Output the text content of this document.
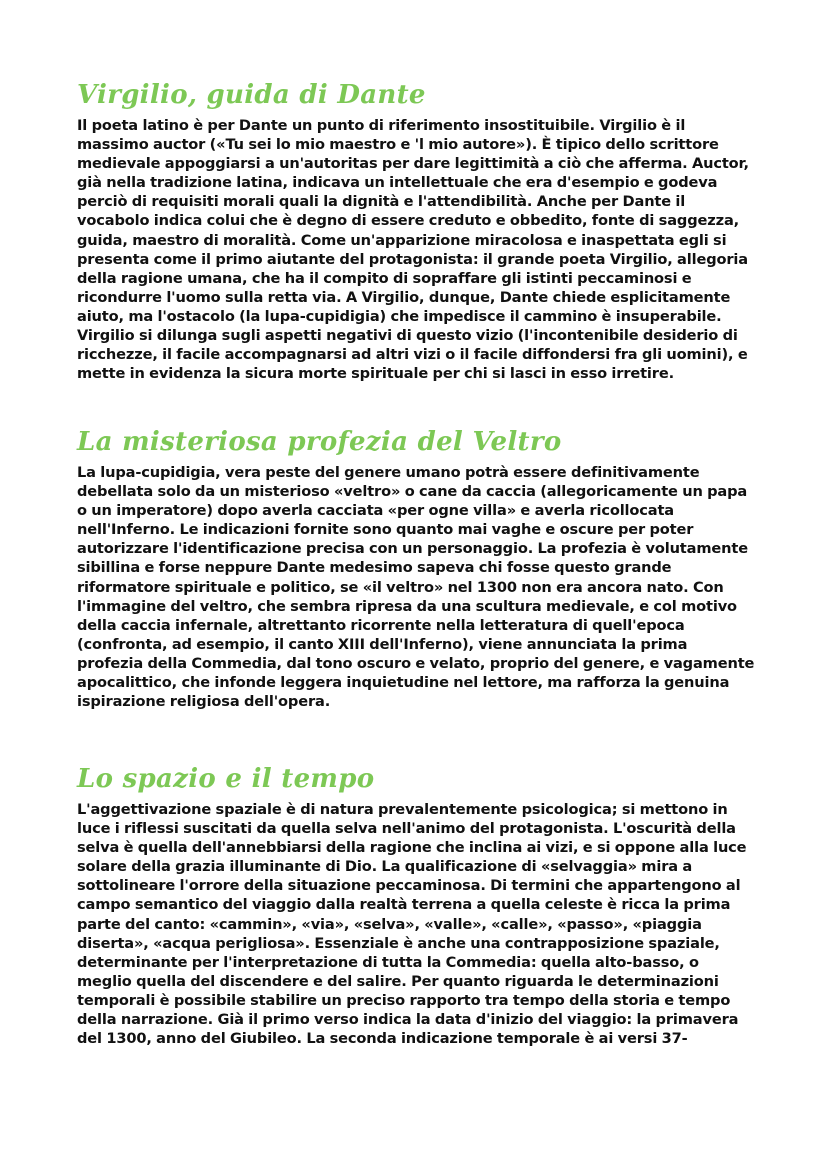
Virgilio, guida di Dante

Il poeta latino è per Dante un punto di riferimento insostituibile. Virgilio è il massimo auctor («Tu sei lo mio maestro e 'l mio autore»). È tipico dello scrittore medievale appoggiarsi a un'autoritas per dare legittimità a ciò che afferma. Auctor, già nella tradizione latina, indicava un intellettuale che era d'esempio e godeva perciò di requisiti morali quali la dignità e l'attendibilità. Anche per Dante il vocabolo indica colui che è degno di essere creduto e obbedito, fonte di saggezza, guida, maestro di moralità. Come un'apparizione miracolosa e inaspettata egli si presenta come il primo aiutante del protagonista: il grande poeta Virgilio, allegoria della ragione umana, che ha il compito di sopraffare gli istinti peccaminosi e ricondurre l'uomo sulla retta via. A Virgilio, dunque, Dante chiede esplicitamente aiuto, ma l'ostacolo (la lupa-cupidigia) che impedisce il cammino è insuperabile. Virgilio si dilunga sugli aspetti negativi di questo vizio (l'incontenibile desiderio di ricchezze, il facile accompagnarsi ad altri vizi o il facile diffondersi fra gli uomini), e mette in evidenza la sicura morte spirituale per chi si lasci in esso irretire.

La misteriosa profezia del Veltro

La lupa-cupidigia, vera peste del genere umano potrà essere definitivamente debellata solo da un misterioso «veltro» o cane da caccia (allegoricamente un papa o un imperatore) dopo averla cacciata «per ogne villa» e averla ricollocata nell'Inferno. Le indicazioni fornite sono quanto mai vaghe e oscure per poter autorizzare l'identificazione precisa con un personaggio. La profezia è volutamente sibillina e forse neppure Dante medesimo sapeva chi fosse questo grande riformatore spirituale e politico, se «il veltro» nel 1300 non era ancora nato. Con l'immagine del veltro, che sembra ripresa da una scultura medievale, e col motivo della caccia infernale, altrettanto ricorrente nella letteratura di quell'epoca (confronta, ad esempio, il canto XIII dell'Inferno), viene annunciata la prima profezia della Commedia, dal tono oscuro e velato, proprio del genere, e vagamente apocalittico, che infonde leggera inquietudine nel lettore, ma rafforza la genuina ispirazione religiosa dell'opera.

Lo spazio e il tempo

L'aggettivazione spaziale è di natura prevalentemente psicologica; si mettono in luce i riflessi suscitati da quella selva nell'animo del protagonista. L'oscurità della selva è quella dell'annebbiarsi della ragione che inclina ai vizi, e si oppone alla luce solare della grazia illuminante di Dio. La qualificazione di «selvaggia» mira a sottolineare l'orrore della situazione peccaminosa. Di termini che appartengono al campo semantico del viaggio dalla realtà terrena a quella celeste è ricca la prima parte del canto: «cammin», «via», «selva», «valle», «calle», «passo», «piaggia diserta», «acqua perigliosa». Essenziale è anche una contrapposizione spaziale, determinante per l'interpretazione di tutta la Commedia: quella alto-basso, o meglio quella del discendere e del salire. Per quanto riguarda le determinazioni temporali è possibile stabilire un preciso rapporto tra tempo della storia e tempo della narrazione. Già il primo verso indica la data d'inizio del viaggio: la primavera del 1300, anno del Giubileo. La seconda indicazione temporale è ai versi 37-
